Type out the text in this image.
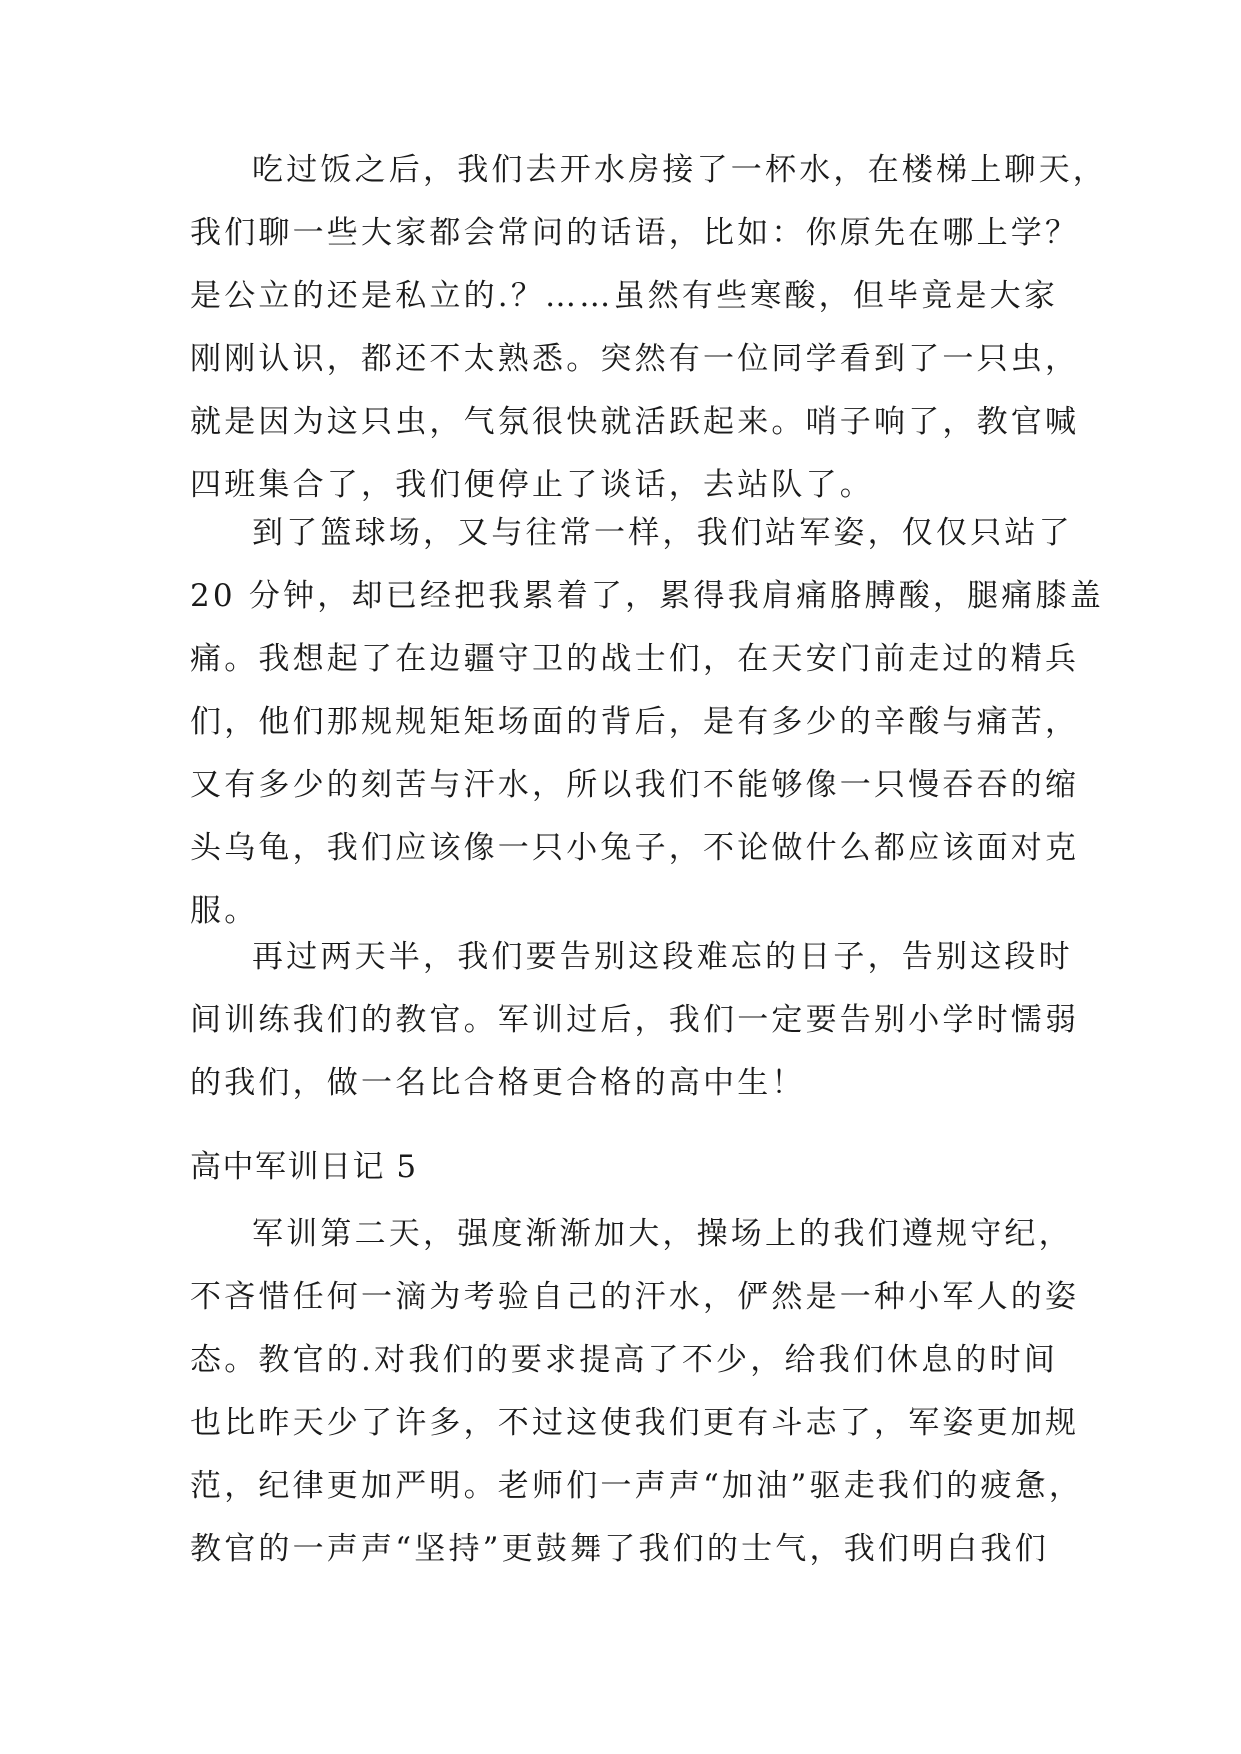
吃过饭之后，我们去开水房接了一杯水，在楼梯上聊天，
我们聊一些大家都会常问的话语，比如：你原先在哪上学？
是公立的还是私立的.？……虽然有些寒酸，但毕竟是大家
刚刚认识，都还不太熟悉。突然有一位同学看到了一只虫，
就是因为这只虫，气氛很快就活跃起来。哨子响了，教官喊
四班集合了，我们便停止了谈话，去站队了。
到了篮球场，又与往常一样，我们站军姿，仅仅只站了
20 分钟，却已经把我累着了，累得我肩痛胳膊酸，腿痛膝盖
痛。我想起了在边疆守卫的战士们，在天安门前走过的精兵
们，他们那规规矩矩场面的背后，是有多少的辛酸与痛苦，
又有多少的刻苦与汗水，所以我们不能够像一只慢吞吞的缩
头乌龟，我们应该像一只小兔子，不论做什么都应该面对克
服。
再过两天半，我们要告别这段难忘的日子，告别这段时
间训练我们的教官。军训过后，我们一定要告别小学时懦弱
的我们，做一名比合格更合格的高中生！
高中军训日记 5
军训第二天，强度渐渐加大，操场上的我们遵规守纪，
不吝惜任何一滴为考验自己的汗水，俨然是一种小军人的姿
态。教官的.对我们的要求提高了不少，给我们休息的时间
也比昨天少了许多，不过这使我们更有斗志了，军姿更加规
范，纪律更加严明。老师们一声声“加油”驱走我们的疲惫，
教官的一声声“坚持”更鼓舞了我们的士气，我们明白我们
